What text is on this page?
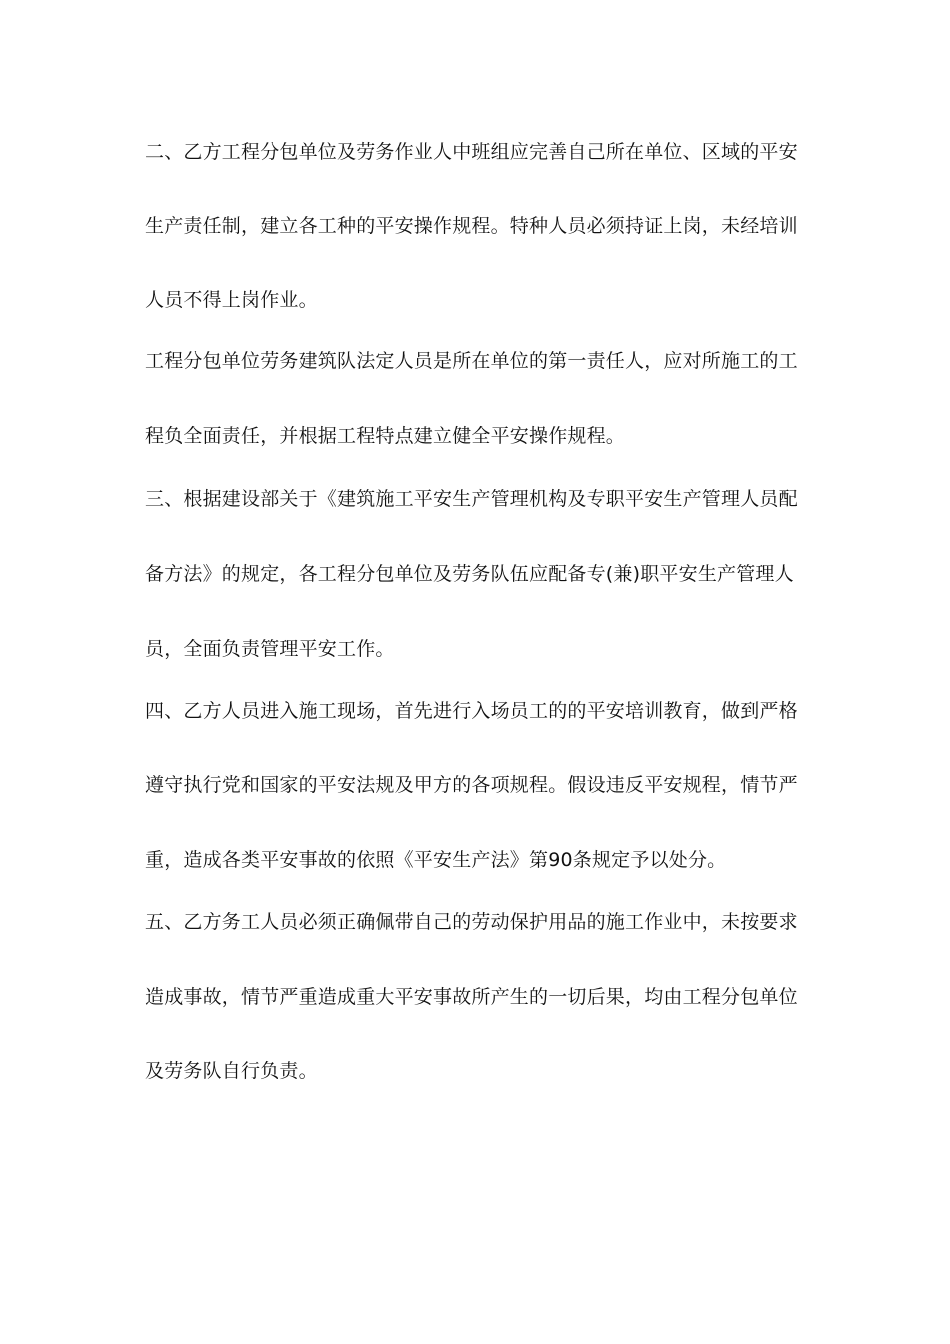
二、乙方工程分包单位及劳务作业人中班组应完善自己所在单位、区域的平安
生产责任制，建立各工种的平安操作规程。特种人员必须持证上岗，未经培训
人员不得上岗作业。
工程分包单位劳务建筑队法定人员是所在单位的第一责任人，应对所施工的工
程负全面责任，并根据工程特点建立健全平安操作规程。
三、根据建设部关于《建筑施工平安生产管理机构及专职平安生产管理人员配
备方法》的规定，各工程分包单位及劳务队伍应配备专(兼)职平安生产管理人
员，全面负责管理平安工作。
四、乙方人员进入施工现场，首先进行入场员工的的平安培训教育，做到严格
遵守执行党和国家的平安法规及甲方的各项规程。假设违反平安规程，情节严
重，造成各类平安事故的依照《平安生产法》第90条规定予以处分。
五、乙方务工人员必须正确佩带自己的劳动保护用品的施工作业中，未按要求
造成事故，情节严重造成重大平安事故所产生的一切后果，均由工程分包单位
及劳务队自行负责。
